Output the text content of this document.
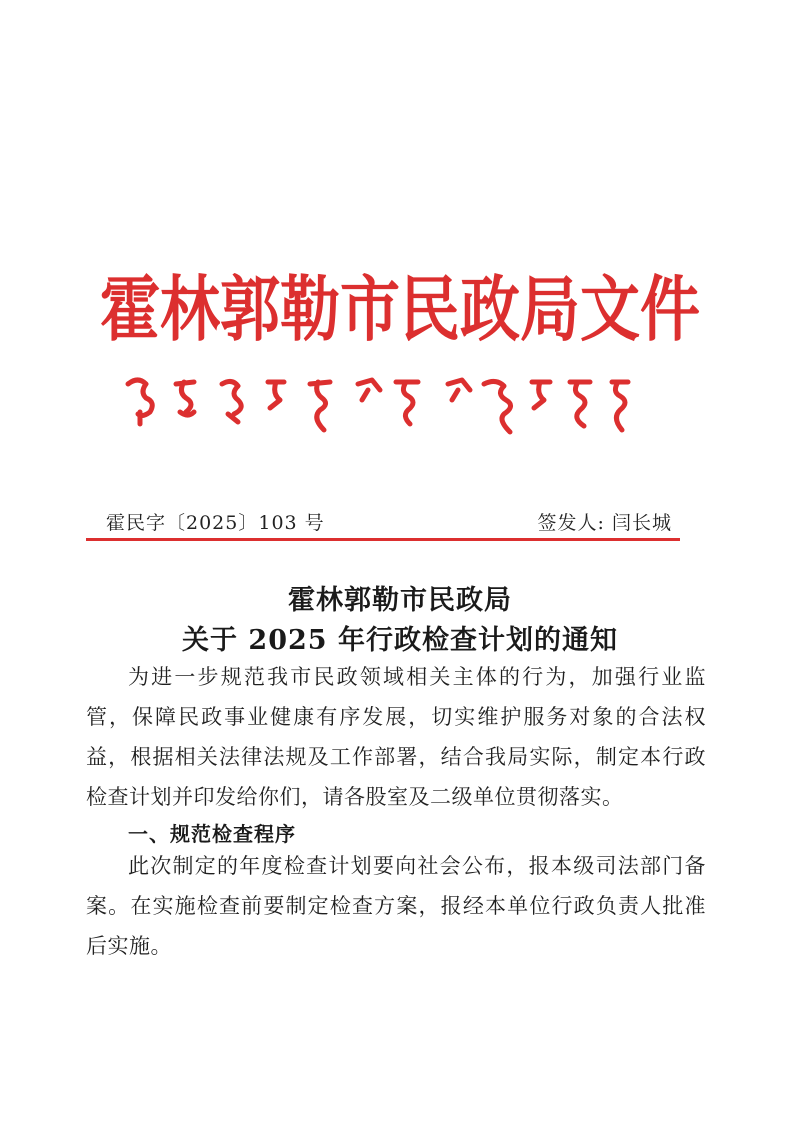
霍林郭勒市民政局文件
霍民字〔2025〕103 号	签发人: 闫长城
霍林郭勒市民政局
关于 2025 年行政检查计划的通知
为进一步规范我市民政领域相关主体的行为，加强行业监管，保障民政事业健康有序发展，切实维护服务对象的合法权益，根据相关法律法规及工作部署，结合我局实际，制定本行政检查计划并印发给你们，请各股室及二级单位贯彻落实。
一、规范检查程序
此次制定的年度检查计划要向社会公布，报本级司法部门备案。在实施检查前要制定检查方案，报经本单位行政负责人批准后实施。
